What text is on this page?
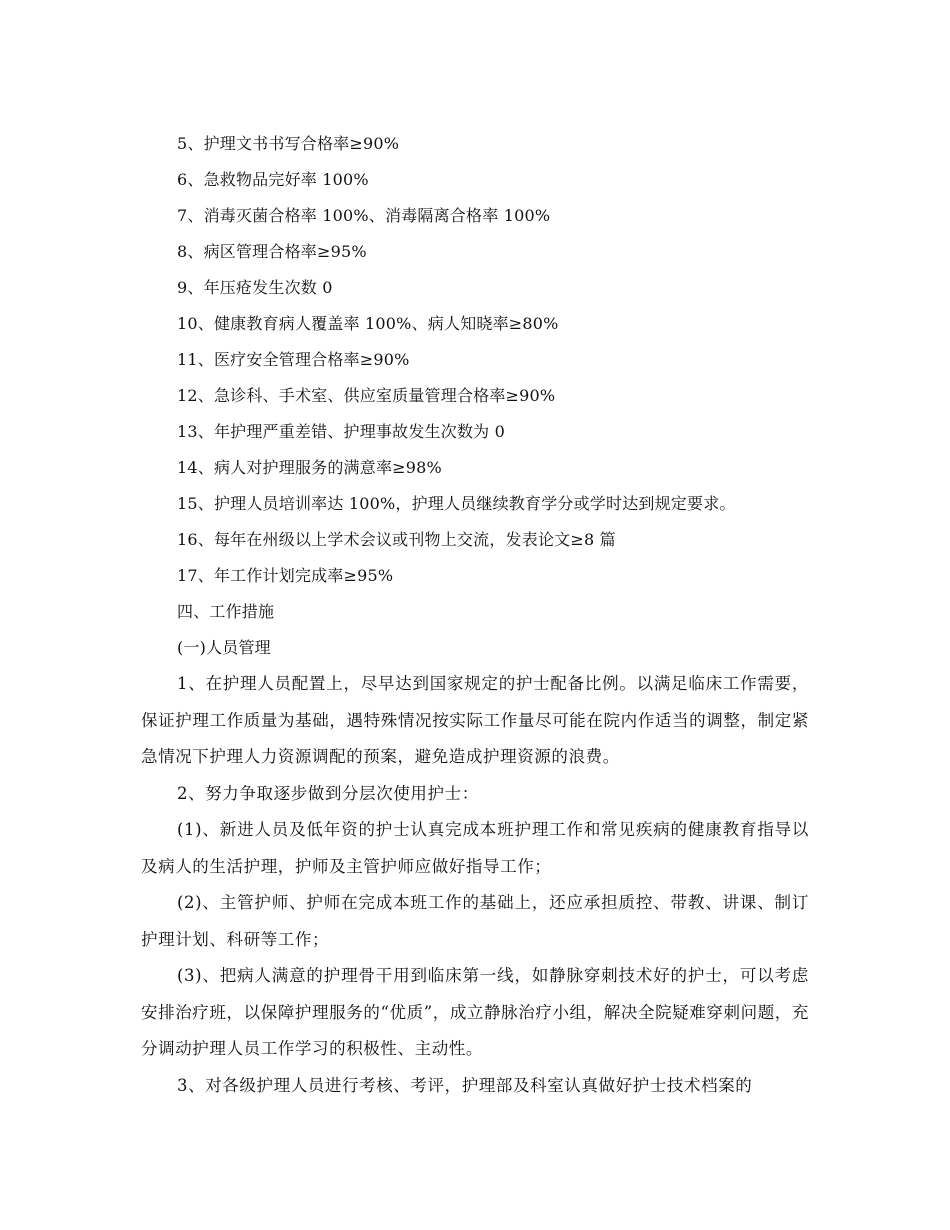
5、护理文书书写合格率≥90%

6、急救物品完好率 100%

7、消毒灭菌合格率 100%、消毒隔离合格率 100%

8、病区管理合格率≥95%

9、年压疮发生次数 0

10、健康教育病人覆盖率 100%、病人知晓率≥80%

11、医疗安全管理合格率≥90%

12、急诊科、手术室、供应室质量管理合格率≥90%

13、年护理严重差错、护理事故发生次数为 0

14、病人对护理服务的满意率≥98%

15、护理人员培训率达 100%，护理人员继续教育学分或学时达到规定要求。

16、每年在州级以上学术会议或刊物上交流，发表论文≥8 篇

17、年工作计划完成率≥95%

四、工作措施

(一)人员管理

1、在护理人员配置上，尽早达到国家规定的护士配备比例。以满足临床工作需要，保证护理工作质量为基础，遇特殊情况按实际工作量尽可能在院内作适当的调整，制定紧急情况下护理人力资源调配的预案，避免造成护理资源的浪费。

2、努力争取逐步做到分层次使用护士：

(1)、新进人员及低年资的护士认真完成本班护理工作和常见疾病的健康教育指导以及病人的生活护理，护师及主管护师应做好指导工作；

(2)、主管护师、护师在完成本班工作的基础上，还应承担质控、带教、讲课、制订护理计划、科研等工作；

(3)、把病人满意的护理骨干用到临床第一线，如静脉穿刺技术好的护士，可以考虑安排治疗班，以保障护理服务的“优质”，成立静脉治疗小组，解决全院疑难穿刺问题，充分调动护理人员工作学习的积极性、主动性。

3、对各级护理人员进行考核、考评，护理部及科室认真做好护士技术档案的
